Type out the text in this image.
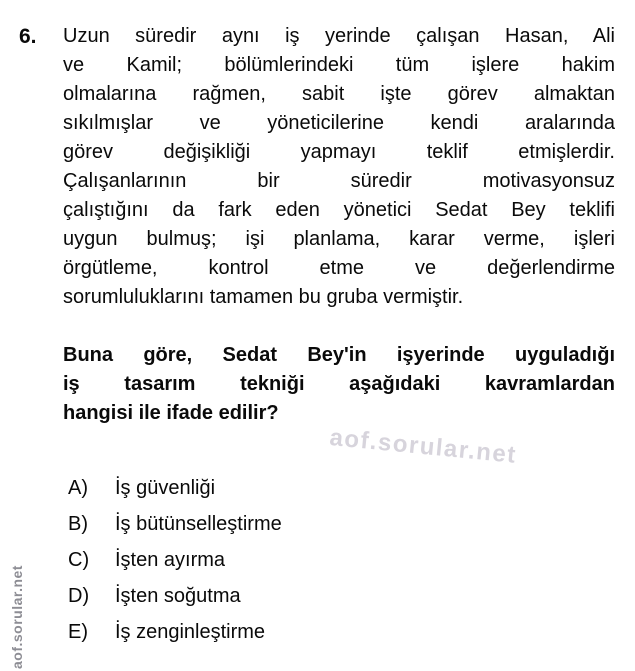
6.	Uzun süredir aynı iş yerinde çalışan Hasan, Ali
ve Kamil; bölümlerindeki tüm işlere hakim
olmalarına rağmen, sabit işte görev almaktan
sıkılmışlar ve yöneticilerine kendi aralarında
görev değişikliği yapmayı teklif etmişlerdir.
Çalışanlarının bir süredir motivasyonsuz
çalıştığını da fark eden yönetici Sedat Bey teklifi
uygun bulmuş; işi planlama, karar verme, işleri
örgütleme, kontrol etme ve değerlendirme
sorumluluklarını tamamen bu gruba vermiştir.
Buna göre, Sedat Bey'in işyerinde uyguladığı
iş tasarım tekniği aşağıdaki kavramlardan
hangisi ile ifade edilir?
aof.sorular.net
A)	İş güvenliği
B)	İş bütünselleştirme
C)	İşten ayırma
D)	İşten soğutma
E)	İş zenginleştirme
aof.sorular.net
